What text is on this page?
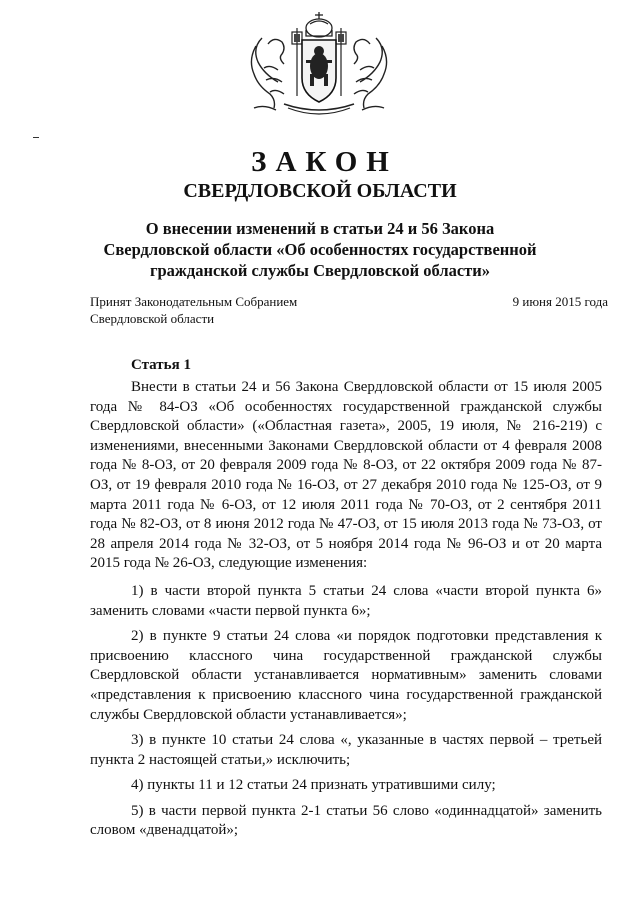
ЗАКОН
СВЕРДЛОВСКОЙ ОБЛАСТИ
О внесении изменений в статьи 24 и 56 Закона
Свердловской области «Об особенностях государственной
гражданской службы Свердловской области»
Принят Законодательным Собранием
Свердловской области
9 июня 2015 года
Статья 1

Внести в статьи 24 и 56 Закона Свердловской области от 15 июля 2005 года № 84-ОЗ «Об особенностях государственной гражданской службы Свердловской области» («Областная газета», 2005, 19 июля, № 216-219) с изменениями, внесенными Законами Свердловской области от 4 февраля 2008 года № 8-ОЗ, от 20 февраля 2009 года № 8-ОЗ, от 22 октября 2009 года № 87-ОЗ, от 19 февраля 2010 года № 16-ОЗ, от 27 декабря 2010 года № 125-ОЗ, от 9 марта 2011 года № 6-ОЗ, от 12 июля 2011 года № 70-ОЗ, от 2 сентября 2011 года № 82-ОЗ, от 8 июня 2012 года № 47-ОЗ, от 15 июля 2013 года № 73-ОЗ, от 28 апреля 2014 года № 32-ОЗ, от 5 ноября 2014 года № 96-ОЗ и от 20 марта 2015 года № 26-ОЗ, следующие изменения:

1) в части второй пункта 5 статьи 24 слова «части второй пункта 6» заменить словами «части первой пункта 6»;

2) в пункте 9 статьи 24 слова «и порядок подготовки представления к присвоению классного чина государственной гражданской службы Свердловской области устанавливается нормативным» заменить словами «представления к присвоению классного чина государственной гражданской службы Свердловской области устанавливается»;

3) в пункте 10 статьи 24 слова «, указанные в частях первой – третьей пункта 2 настоящей статьи,» исключить;

4) пункты 11 и 12 статьи 24 признать утратившими силу;

5) в части первой пункта 2-1 статьи 56 слово «одиннадцатой» заменить словом «двенадцатой»;
